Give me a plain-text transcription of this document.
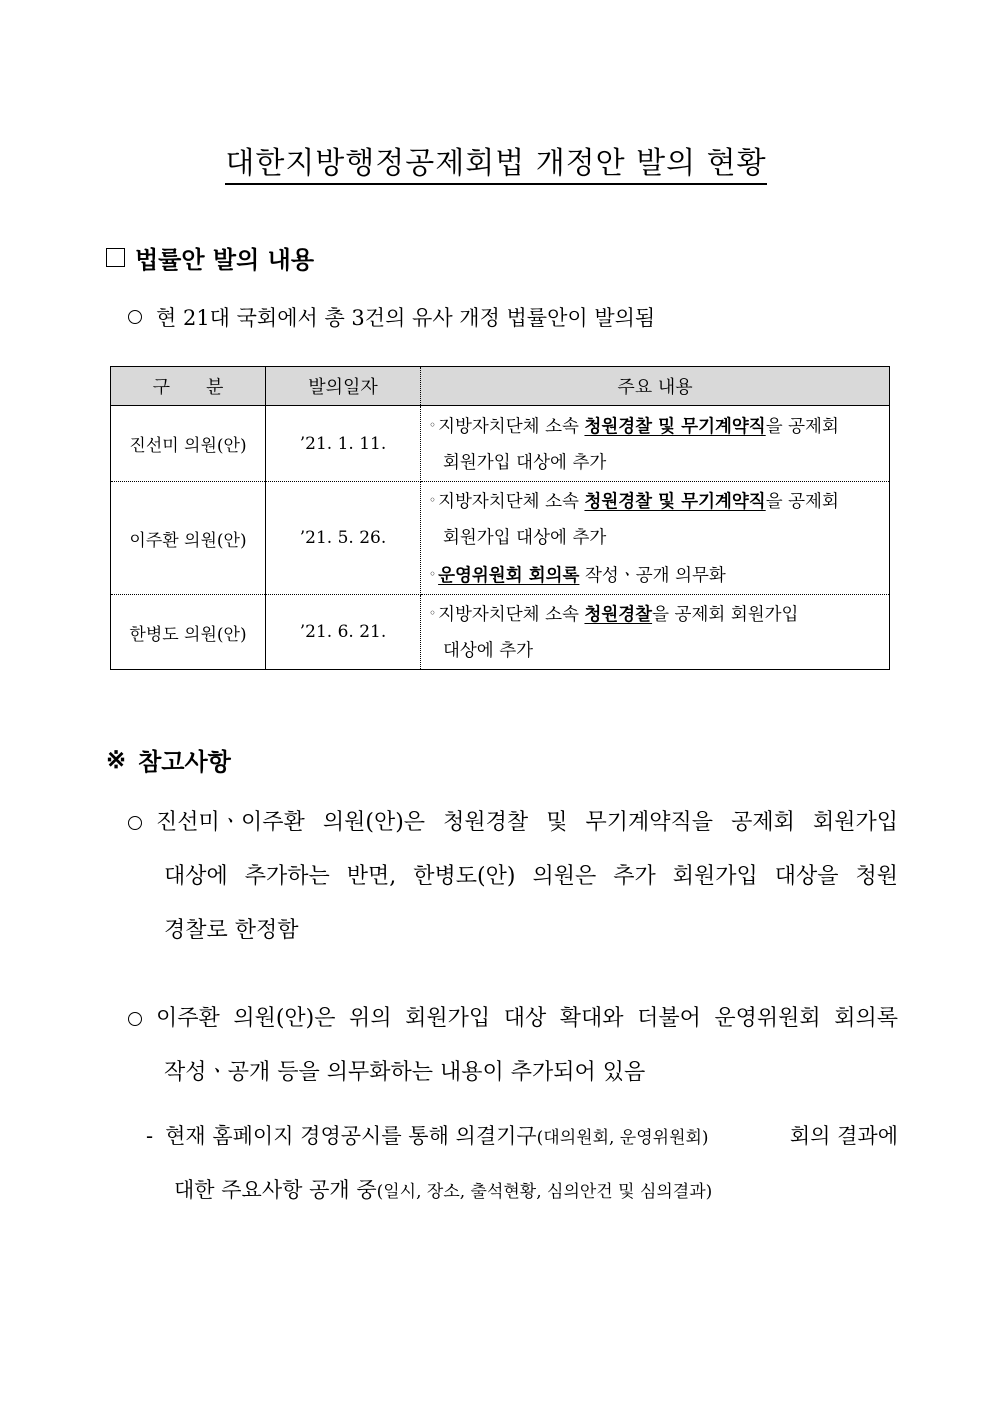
대한지방행정공제회법 개정안 발의 현황
법률안 발의 내용
현 21대 국회에서 총 3건의 유사 개정 법률안이 발의됨
구　　분	발의일자	주요 내용
진선미 의원(안)	’21. 1. 11.	◦ 지방자치단체 소속 청원경찰 및 무기계약직을 공제회
회원가입 대상에 추가

이주환 의원(안)	’21. 5. 26.	◦ 지방자치단체 소속 청원경찰 및 무기계약직을 공제회
회원가입 대상에 추가
◦ 운영위원회 회의록 작성ㆍ공개 의무화

한병도 의원(안)	’21. 6. 21.	◦ 지방자치단체 소속 청원경찰을 공제회 회원가입
대상에 추가
※ 참고사항
진선미ㆍ이주환 의원(안)은 청원경찰 및 무기계약직을 공제회 회원가입
대상에 추가하는 반면, 한병도(안) 의원은 추가 회원가입 대상을 청원
경찰로 한정함
이주환 의원(안)은 위의 회원가입 대상 확대와 더불어 운영위원회 회의록
작성ㆍ공개 등을 의무화하는 내용이 추가되어 있음
- 현재 홈페이지 경영공시를 통해 의결기구(대의원회, 운영위원회)	회의 결과에
대한 주요사항 공개 중(일시, 장소, 출석현황, 심의안건 및 심의결과)
